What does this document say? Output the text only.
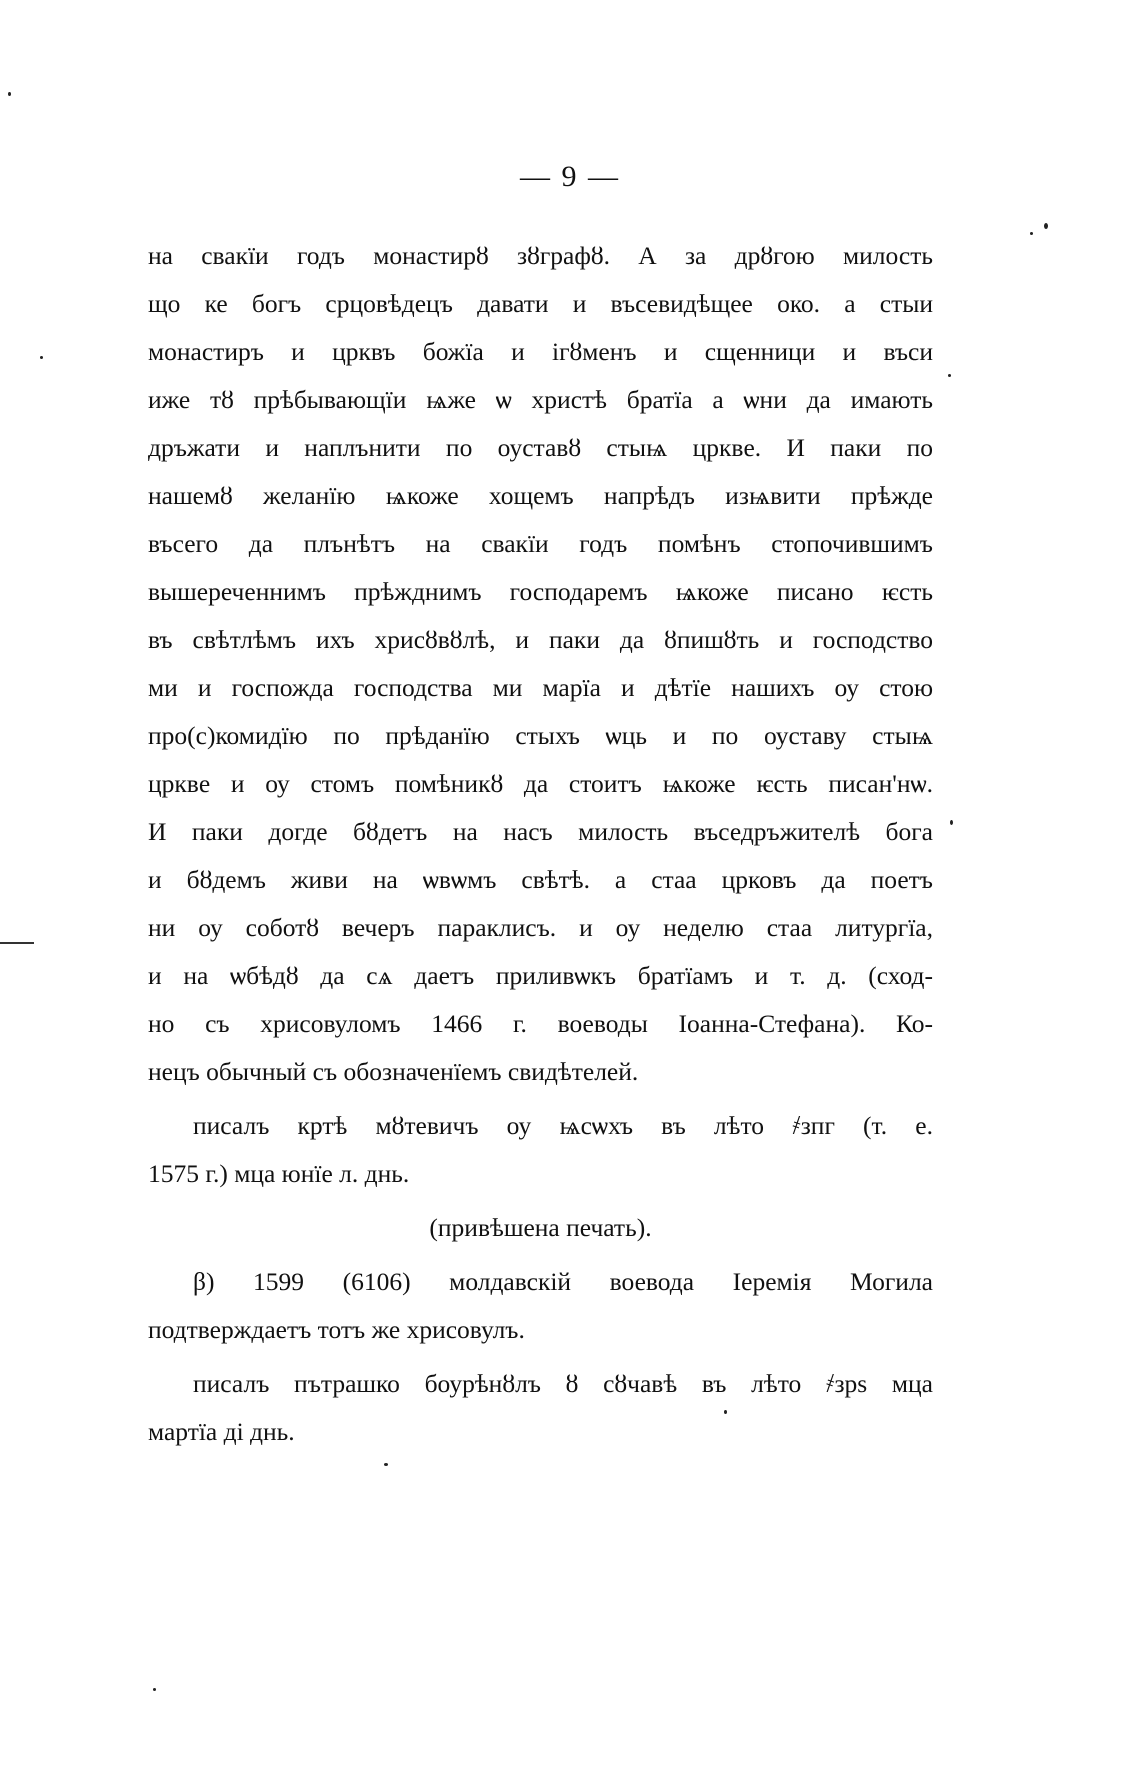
— 9 —
на свакїи годъ монастирȣ зȣграфȣ. А за дрȣгою милость
що ке богъ срцовѣдецъ давати и въсевидѣщее око. а стыи
монастиръ и црквъ божїа и ігȣменъ и сщенници и въси
иже тȣ прѣбывающїи ѩже ѡ христѣ братїа а ѡни да имають
дръжати и наплънити по оуставȣ стыѩ црквe. И паки по
нашемȣ желанїю ѩкоже хощемъ напрѣдъ изѩвити прѣжде
въсего да плънѣтъ на свакїи годъ помѣнъ стопочившимъ
вышереченнимъ прѣжднимъ господаремъ ѩкоже писано ѥсть
въ свѣтлѣмъ ихъ хрисȣвȣлѣ, и паки да ȣпишȣть и господство
ми и госпожда господства ми марїа и дѣтїе нашихъ оу стою
про(с)комидїю по прѣданїю стыхъ ѡць и по оуставу стыѩ
црквe и оу стомъ помѣникȣ да стоитъ ѩкоже ѥсть писан'нѡ.
И паки догде бȣдетъ на насъ милость въседръжителѣ бога
и бȣдемъ живи на ѡвѡмъ свѣтѣ. а стаа црковъ да поетъ
ни оу соботȣ вечеръ параклисъ. и оу неделю стаа литургїа,
и на ѡбѣдȣ да сѧ даетъ приливѡкъ братїамъ и т. д. (сход-
но съ хрисовуломъ 1466 г. воеводы Іоанна-Стефана). Ко-
нецъ обычный съ обозначенїемъ свидѣтелей.
писалъ кртѣ мȣтевичъ оу ѩсѡхъ въ лѣто ҂зпг (т. е.
1575 г.) мца юнїе л. днь.
(привѣшена печать).
β) 1599 (6106) молдавскій воевода Іеремія Могила
подтверждаетъ тотъ же хрисовулъ.
писалъ пътрашко боурѣнȣлъ ȣ сȣчавѣ въ лѣто ҂зрѕ мца
мартїа ді днь.
